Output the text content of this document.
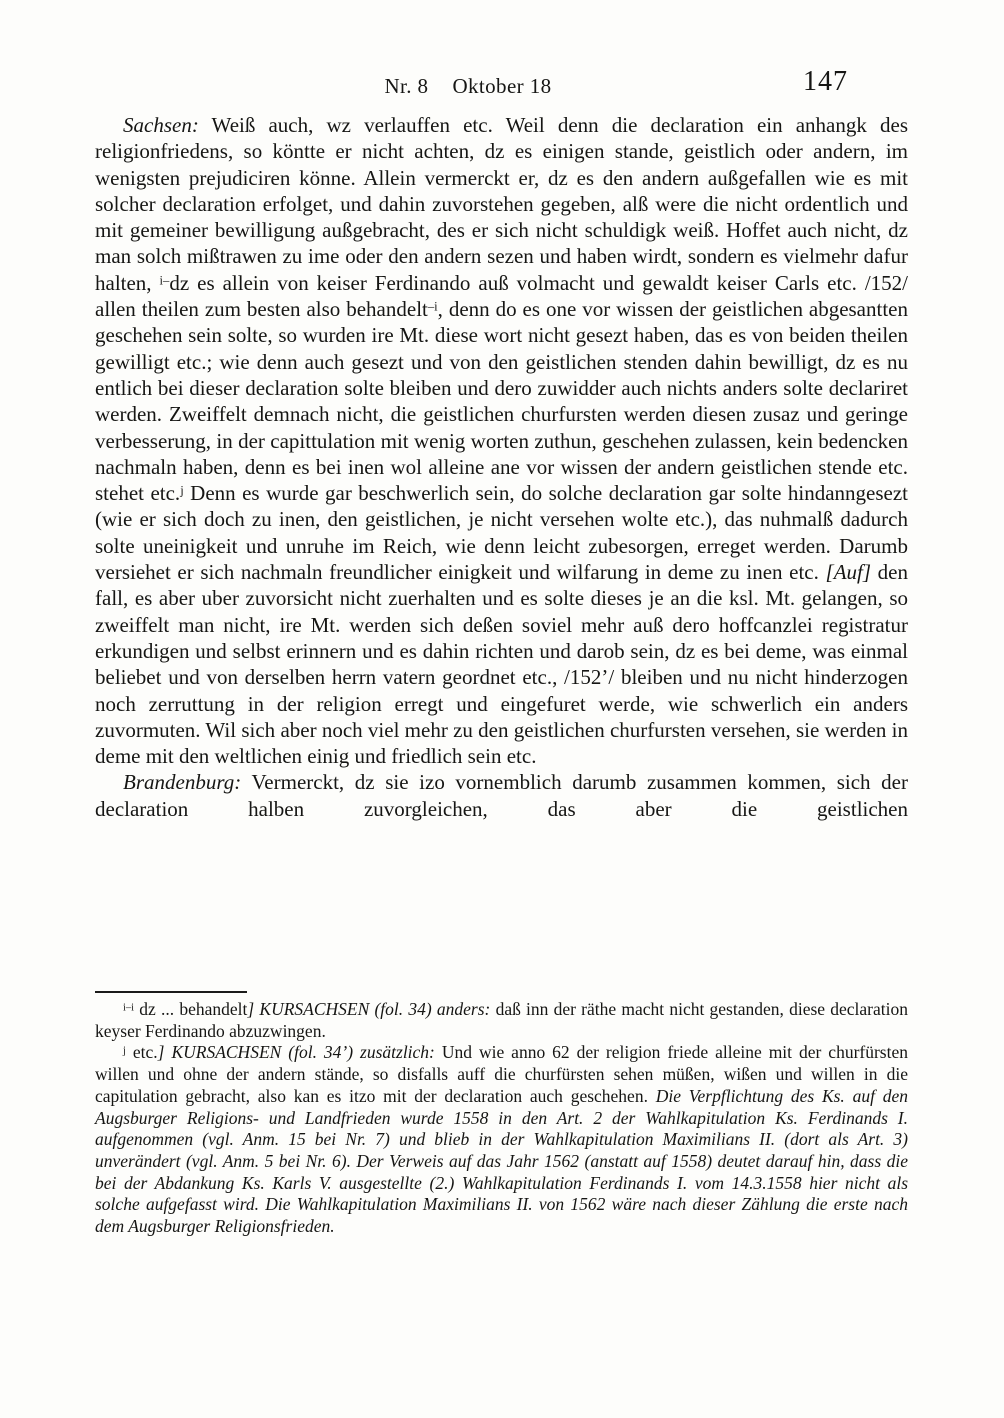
Nr. 8 Oktober 18	147

Sachsen: Weiß auch, wz verlauffen etc. Weil denn die declaration ein anhangk des religionfriedens, so köntte er nicht achten, dz es einigen stande, geistlich oder andern, im wenigsten prejudiciren könne. Allein vermerckt er, dz es den andern außgefallen wie es mit solcher declaration erfolget, und dahin zuvorstehen gegeben, alß were die nicht ordentlich und mit gemeiner bewilligung außgebracht, des er sich nicht schuldigk weiß. Hoffet auch nicht, dz man solch mißtrawen zu ime oder den andern sezen und haben wirdt, sondern es vielmehr dafur halten, $^{i-}$dz es allein von keiser Ferdinando auß volmacht und gewaldt keiser Carls etc. /152/ allen theilen zum besten also behandelt$^{-i}$, denn do es one vor wissen der geistlichen abgesantten geschehen sein solte, so wurden ire Mt. diese wort nicht gesezt haben, das es von beiden theilen gewilligt etc.; wie denn auch gesezt und von den geistlichen stenden dahin bewilligt, dz es nu entlich bei dieser declaration solte bleiben und dero zuwidder auch nichts anders solte declariret werden. Zweiffelt demnach nicht, die geistlichen churfursten werden diesen zusaz und geringe verbesserung, in der capittulation mit wenig worten zuthun, geschehen zulassen, kein bedencken nachmaln haben, denn es bei inen wol alleine ane vor wissen der andern geistlichen stende etc. stehet etc.$^j$ Denn es wurde gar beschwerlich sein, do solche declaration gar solte hindanngesezt (wie er sich doch zu inen, den geistlichen, je nicht versehen wolte etc.), das nuhmalß dadurch solte uneinigkeit und unruhe im Reich, wie denn leicht zubesorgen, erreget werden. Darumb versiehet er sich nachmaln freundlicher einigkeit und wilfarung in deme zu inen etc. [Auf] den fall, es aber uber zuvorsicht nicht zuerhalten und es solte dieses je an die ksl. Mt. gelangen, so zweiffelt man nicht, ire Mt. werden sich deßen soviel mehr auß dero hoffcanzlei registratur erkundigen und selbst erinnern und es dahin richten und darob sein, dz es bei deme, was einmal beliebet und von derselben herrn vatern geordnet etc., /152’/ bleiben und nu nicht hinderzogen noch zerruttung in der religion erregt und eingefuret werde, wie schwerlich ein anders zuvormuten. Wil sich aber noch viel mehr zu den geistlichen churfursten versehen, sie werden in deme mit den weltlichen einig und friedlich sein etc.

Brandenburg: Vermerckt, dz sie izo vornemblich darumb zusammen kommen, sich der declaration halben zuvorgleichen, das aber die geistlichen

$^{i-i}$ dz ... behandelt] KURSACHSEN (fol. 34) anders: daß inn der räthe macht nicht gestanden, diese declaration keyser Ferdinando abzuzwingen.

$^j$ etc.] KURSACHSEN (fol. 34’) zusätzlich: Und wie anno 62 der religion friede alleine mit der churfürsten willen und ohne der andern stände, so disfalls auff die churfürsten sehen müßen, wißen und willen in die capitulation gebracht, also kan es itzo mit der declaration auch geschehen. Die Verpflichtung des Ks. auf den Augsburger Religions- und Landfrieden wurde 1558 in den Art. 2 der Wahlkapitulation Ks. Ferdinands I. aufgenommen (vgl. Anm. 15 bei Nr. 7) und blieb in der Wahlkapitulation Maximilians II. (dort als Art. 3) unverändert (vgl. Anm. 5 bei Nr. 6). Der Verweis auf das Jahr 1562 (anstatt auf 1558) deutet darauf hin, dass die bei der Abdankung Ks. Karls V. ausgestellte (2.) Wahlkapitulation Ferdinands I. vom 14.3.1558 hier nicht als solche aufgefasst wird. Die Wahlkapitulation Maximilians II. von 1562 wäre nach dieser Zählung die erste nach dem Augsburger Religionsfrieden.
